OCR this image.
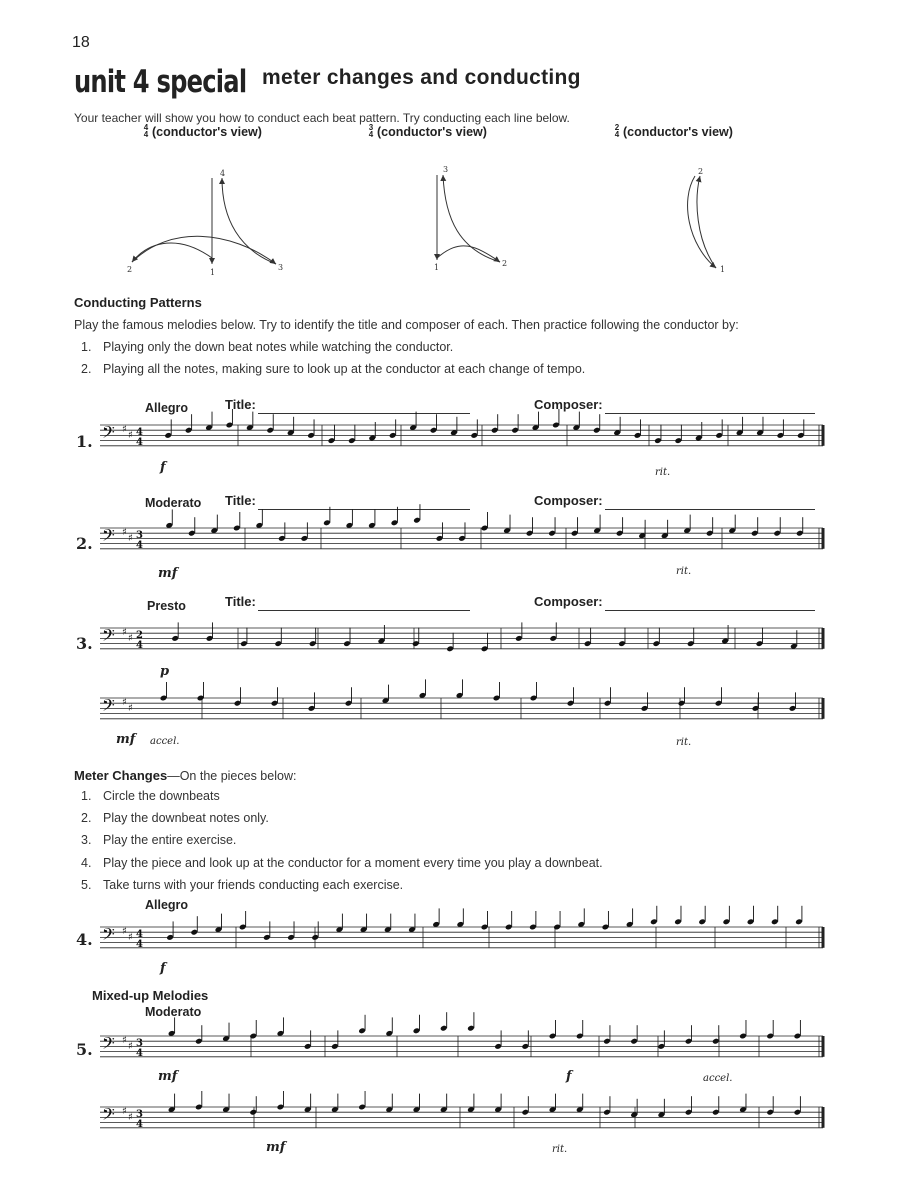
18
unit 4 special meter changes and conducting
Your teacher will show you how to conduct each beat pattern. Try conducting each line below.
4
4 (conductor's view)	3
4 (conductor's view)	2
4 (conductor's view)
4
2	1
3
3
1	2
2
1
Conducting Patterns
Play the famous melodies below. Try to identify the title and composer of each. Then practice following the conductor by:
1. Playing only the down beat notes while watching the conductor.
2. Playing all the notes, making sure to look up at the conductor at each change of tempo.
Allegro	Title:	Composer:
1.
f	rit.
Moderato Title:	Composer:
2.
mf	rit.
Presto	Title:	Composer:
3.
p
mf accel.	rit.
Meter Changes—On the pieces below:
1. Circle the downbeats
2. Play the downbeat notes only.
3. Play the entire exercise.
4. Play the piece and look up at the conductor for a moment every time you play a downbeat.
5. Take turns with your friends conducting each exercise.
Allegro
4.
f
Mixed-up Melodies
Moderato
5.
mf	f	accel.
mf	rit.
𝄢 ♯
♯ 4
4
𝄢 ♯
♯ 3
4
𝄢 ♯
♯ 2
4
𝄢 ♯
♯
𝄢 ♯
♯ 4
4
𝄢 ♯
♯ 3
4
𝄢 ♯
♯ 3
4
